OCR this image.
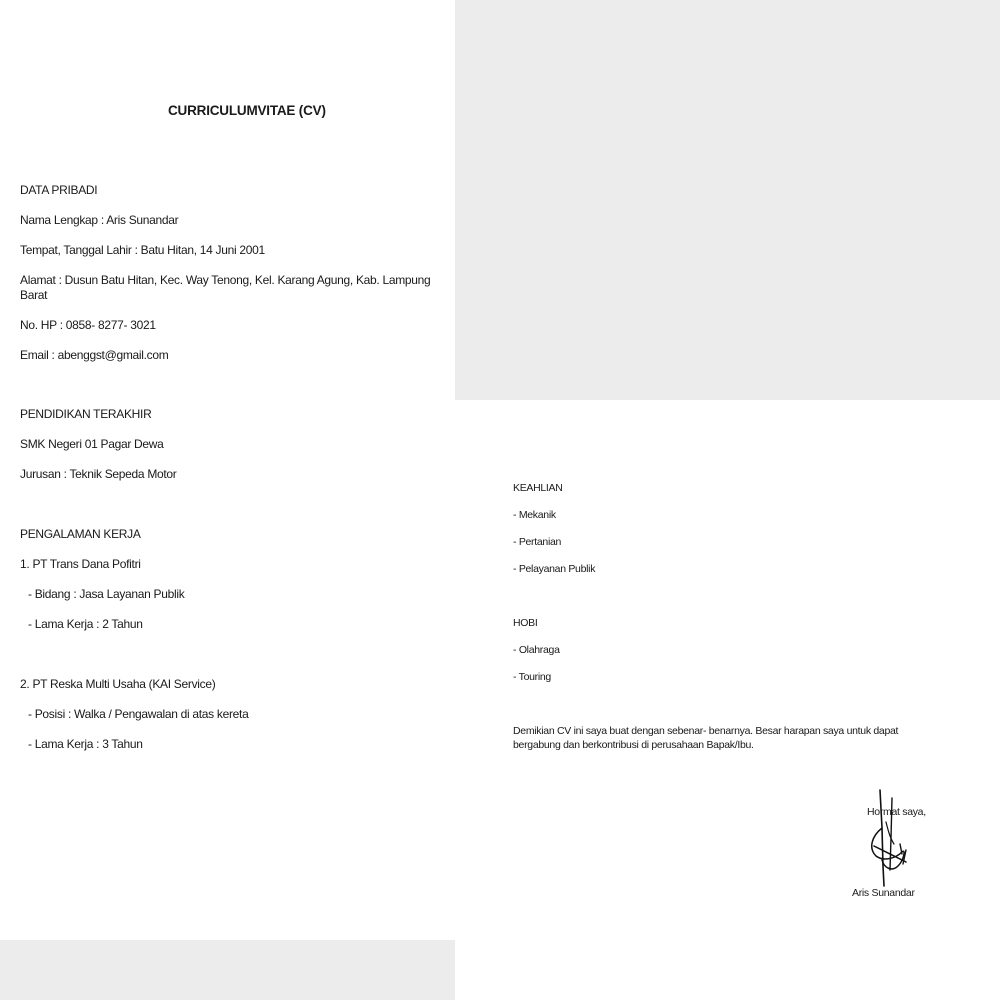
CURRICULUMVITAE (CV)

DATA PRIBADI

Nama Lengkap : Aris Sunandar

Tempat, Tanggal Lahir : Batu Hitan, 14 Juni 2001

Alamat : Dusun Batu Hitan, Kec. Way Tenong, Kel. Karang Agung, Kab. Lampung Barat

No. HP : 0858- 8277- 3021

Email : abenggst@gmail.com

PENDIDIKAN TERAKHIR

SMK Negeri 01 Pagar Dewa

Jurusan : Teknik Sepeda Motor

PENGALAMAN KERJA

1. PT Trans Dana Pofitri

- Bidang : Jasa Layanan Publik

- Lama Kerja : 2 Tahun

2. PT Reska Multi Usaha (KAI Service)

- Posisi : Walka / Pengawalan di atas kereta

- Lama Kerja : 3 Tahun

KEAHLIAN

- Mekanik

- Pertanian

- Pelayanan Publik

HOBI

- Olahraga

- Touring

Demikian CV ini saya buat dengan sebenar- benarnya. Besar harapan saya untuk dapat bergabung dan berkontribusi di perusahaan Bapak/Ibu.

Hormat saya,

Aris Sunandar
